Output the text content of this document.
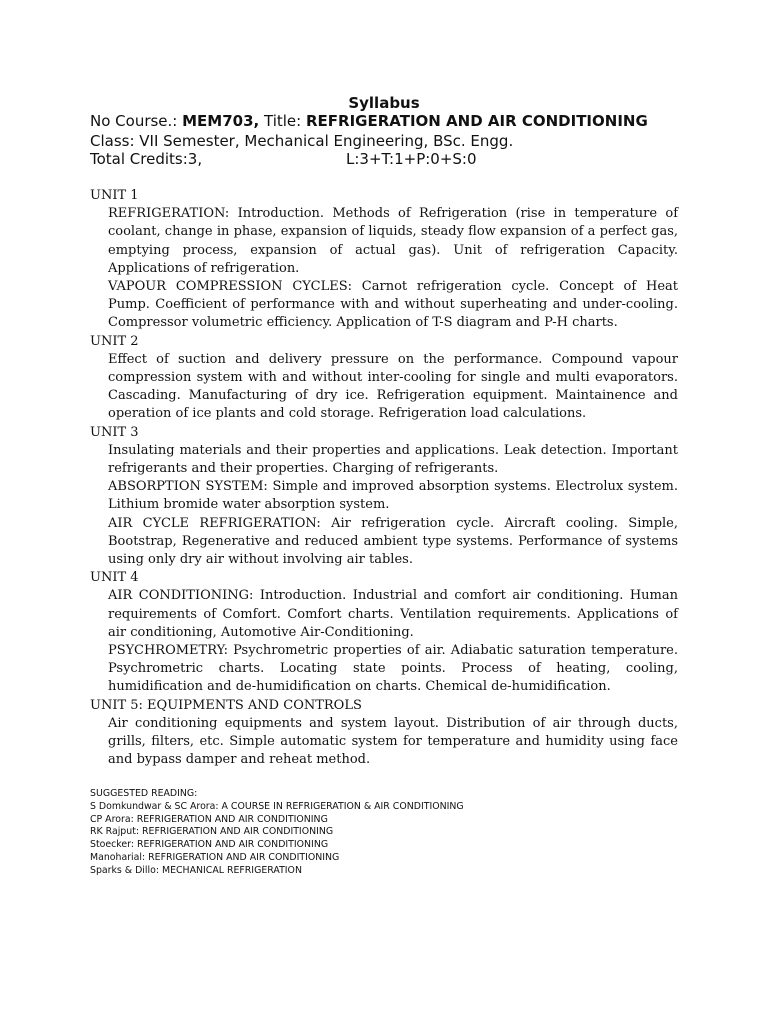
Syllabus
No Course.: MEM703, Title: REFRIGERATION AND AIR CONDITIONING
Class: VII Semester, Mechanical Engineering, BSc. Engg.
Total Credits:3,	L:3+T:1+P:0+S:0

UNIT 1

REFRIGERATION: Introduction. Methods of Refrigeration (rise in temperature of coolant, change in phase, expansion of liquids, steady flow expansion of a perfect gas, emptying process, expansion of actual gas). Unit of refrigeration Capacity. Applications of refrigeration.

VAPOUR COMPRESSION CYCLES: Carnot refrigeration cycle. Concept of Heat Pump. Coefficient of performance with and without superheating and under-cooling. Compressor volumetric efficiency. Application of T-S diagram and P-H charts.

UNIT 2

Effect of suction and delivery pressure on the performance. Compound vapour compression system with and without inter-cooling for single and multi evaporators. Cascading. Manufacturing of dry ice. Refrigeration equipment. Maintainence and operation of ice plants and cold storage. Refrigeration load calculations.

UNIT 3

Insulating materials and their properties and applications. Leak detection. Important refrigerants and their properties. Charging of refrigerants.

ABSORPTION SYSTEM: Simple and improved absorption systems. Electrolux system. Lithium bromide water absorption system.

AIR CYCLE REFRIGERATION: Air refrigeration cycle. Aircraft cooling. Simple, Bootstrap, Regenerative and reduced ambient type systems. Performance of systems using only dry air without involving air tables.

UNIT 4

AIR CONDITIONING: Introduction. Industrial and comfort air conditioning. Human requirements of Comfort. Comfort charts. Ventilation requirements. Applications of air conditioning, Automotive Air-Conditioning.

PSYCHROMETRY: Psychrometric properties of air. Adiabatic saturation temperature. Psychrometric charts. Locating state points. Process of heating, cooling, humidification and de-humidification on charts. Chemical de-humidification.

UNIT 5: EQUIPMENTS AND CONTROLS

Air conditioning equipments and system layout. Distribution of air through ducts, grills, filters, etc. Simple automatic system for temperature and humidity using face and bypass damper and reheat method.

SUGGESTED READING:
S Domkundwar & SC Arora: A COURSE IN REFRIGERATION & AIR CONDITIONING
CP Arora: REFRIGERATION AND AIR CONDITIONING
RK Rajput: REFRIGERATION AND AIR CONDITIONING
Stoecker: REFRIGERATION AND AIR CONDITIONING
Manoharial: REFRIGERATION AND AIR CONDITIONING
Sparks & Dillo: MECHANICAL REFRIGERATION
